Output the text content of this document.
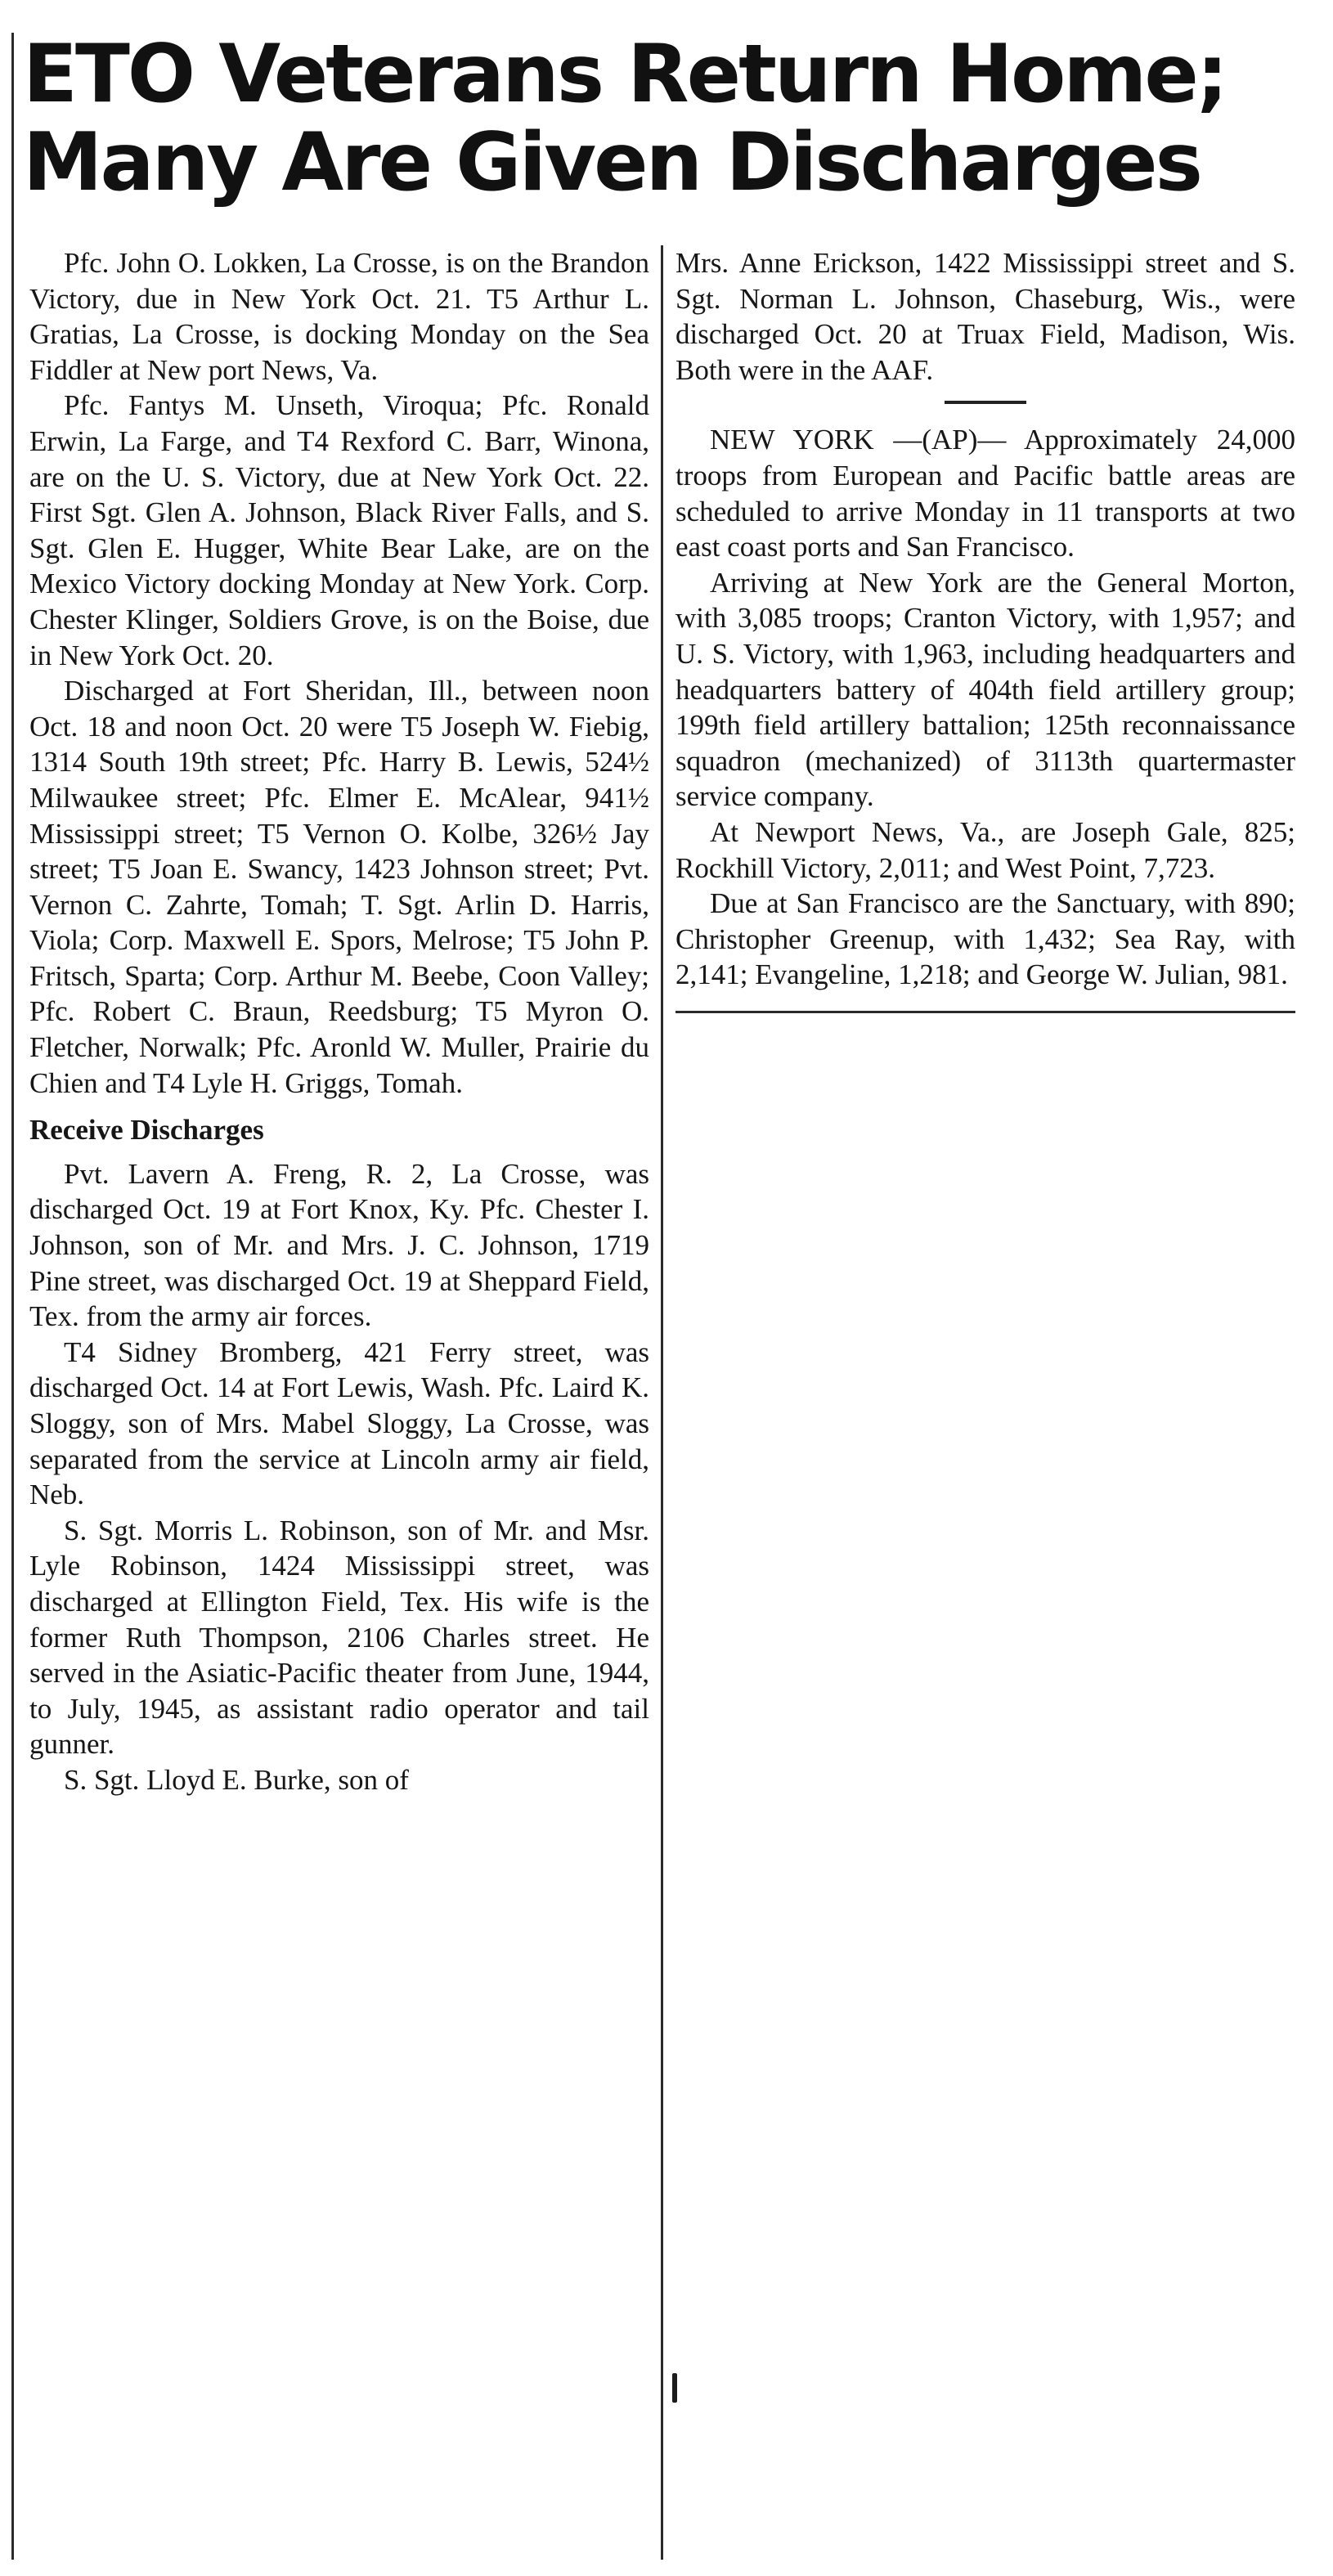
ETO Veterans Return Home;
Many Are Given Discharges

Pfc. John O. Lokken, La Crosse, is on the Brandon Victory, due in New York Oct. 21. T5 Arthur L. Gratias, La Crosse, is docking Monday on the Sea Fiddler at New port News, Va.

Pfc. Fantys M. Unseth, Viroqua; Pfc. Ronald Erwin, La Farge, and T4 Rexford C. Barr, Winona, are on the U. S. Victory, due at New York Oct. 22. First Sgt. Glen A. Johnson, Black River Falls, and S. Sgt. Glen E. Hugger, White Bear Lake, are on the Mexico Victory docking Monday at New York. Corp. Chester Klinger, Soldiers Grove, is on the Boise, due in New York Oct. 20.

Discharged at Fort Sheridan, Ill., between noon Oct. 18 and noon Oct. 20 were T5 Joseph W. Fiebig, 1314 South 19th street; Pfc. Harry B. Lewis, 524½ Milwaukee street; Pfc. Elmer E. McAlear, 941½ Mississippi street; T5 Vernon O. Kolbe, 326½ Jay street; T5 Joan E. Swancy, 1423 Johnson street; Pvt. Vernon C. Zahrte, Tomah; T. Sgt. Arlin D. Harris, Viola; Corp. Maxwell E. Spors, Melrose; T5 John P. Fritsch, Sparta; Corp. Arthur M. Beebe, Coon Valley; Pfc. Robert C. Braun, Reedsburg; T5 Myron O. Fletcher, Norwalk; Pfc. Aronld W. Muller, Prairie du Chien and T4 Lyle H. Griggs, Tomah.

Receive Discharges

Pvt. Lavern A. Freng, R. 2, La Crosse, was discharged Oct. 19 at Fort Knox, Ky. Pfc. Chester I. Johnson, son of Mr. and Mrs. J. C. Johnson, 1719 Pine street, was discharged Oct. 19 at Sheppard Field, Tex. from the army air forces.

T4 Sidney Bromberg, 421 Ferry street, was discharged Oct. 14 at Fort Lewis, Wash. Pfc. Laird K. Sloggy, son of Mrs. Mabel Sloggy, La Crosse, was separated from the service at Lincoln army air field, Neb.

S. Sgt. Morris L. Robinson, son of Mr. and Msr. Lyle Robinson, 1424 Mississippi street, was discharged at Ellington Field, Tex. His wife is the former Ruth Thompson, 2106 Charles street. He served in the Asiatic-Pacific theater from June, 1944, to July, 1945, as assistant radio operator and tail gunner.

S. Sgt. Lloyd E. Burke, son of

Mrs. Anne Erickson, 1422 Mississippi street and S. Sgt. Norman L. Johnson, Chaseburg, Wis., were discharged Oct. 20 at Truax Field, Madison, Wis. Both were in the AAF.

NEW YORK —(AP)— Approximately 24,000 troops from European and Pacific battle areas are scheduled to arrive Monday in 11 transports at two east coast ports and San Francisco.

Arriving at New York are the General Morton, with 3,085 troops; Cranton Victory, with 1,957; and U. S. Victory, with 1,963, including headquarters and headquarters battery of 404th field artillery group; 199th field artillery battalion; 125th reconnaissance squadron (mechanized) of 3113th quartermaster service company.

At Newport News, Va., are Joseph Gale, 825; Rockhill Victory, 2,011; and West Point, 7,723.

Due at San Francisco are the Sanctuary, with 890; Christopher Greenup, with 1,432; Sea Ray, with 2,141; Evangeline, 1,218; and George W. Julian, 981.
